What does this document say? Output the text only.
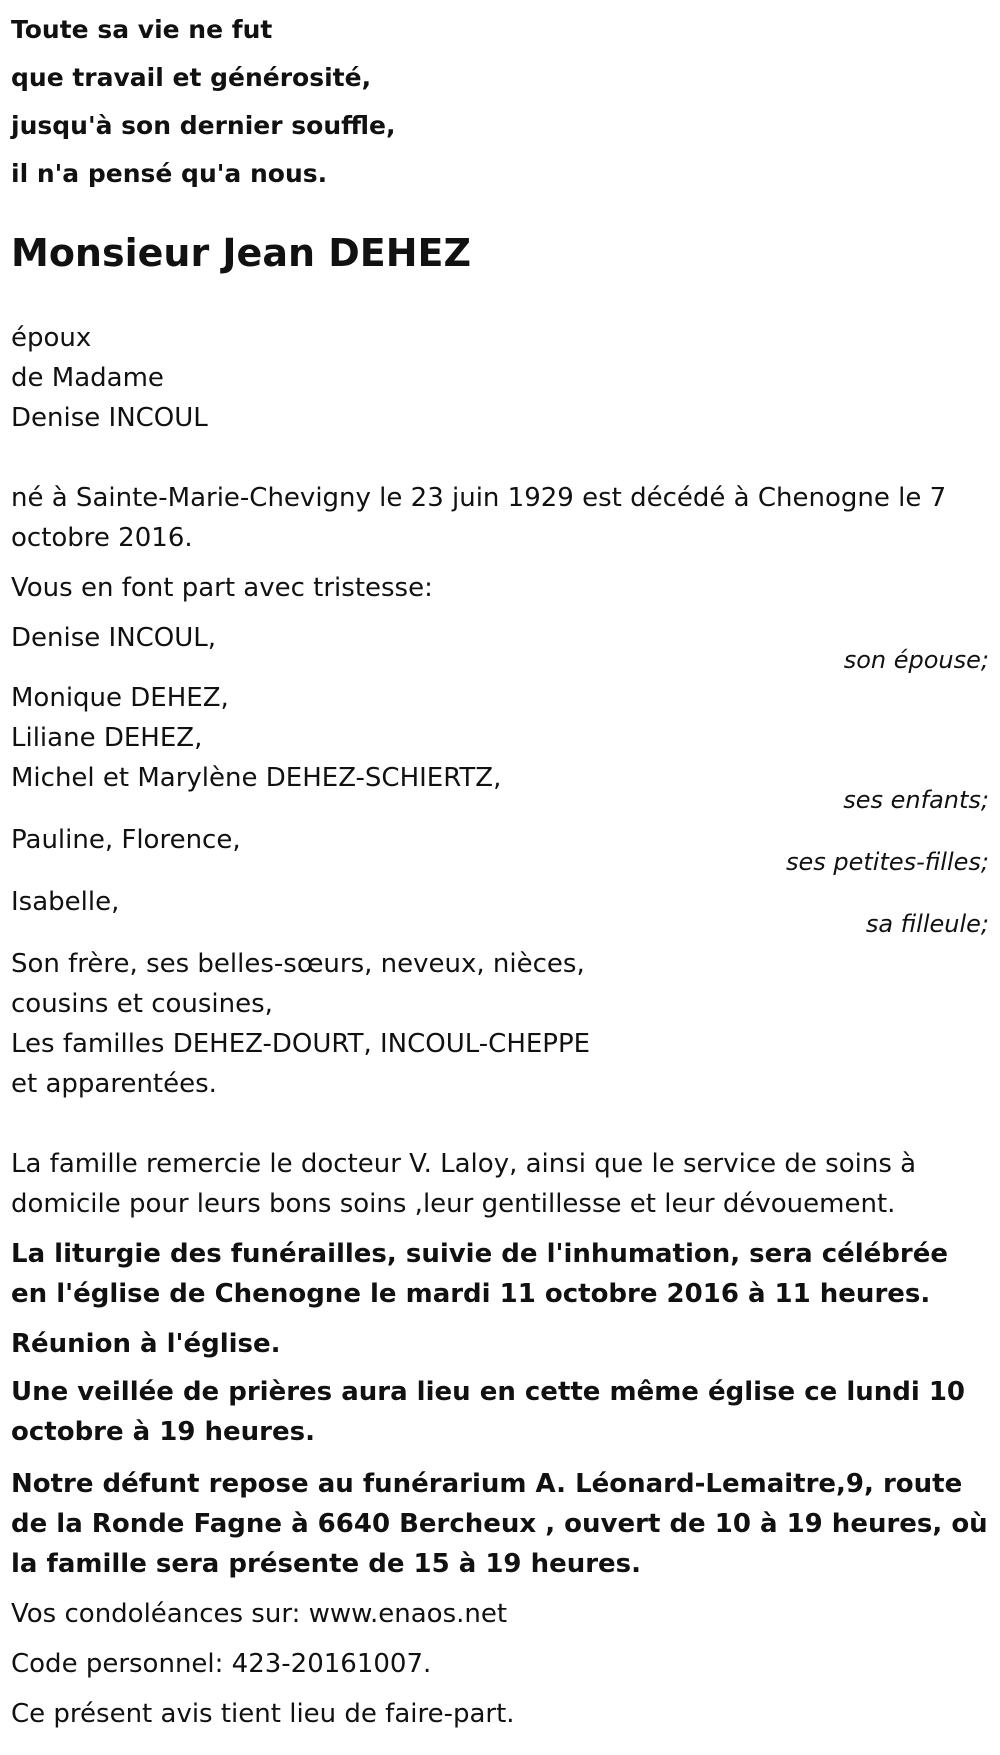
Toute sa vie ne fut

que travail et générosité,

jusqu'à son dernier souffle,

il n'a pensé qu'a nous.

Monsieur Jean DEHEZ
époux
de Madame
Denise INCOUL

né à Sainte-Marie-Chevigny le 23 juin 1929 est décédé à Chenogne le 7 octobre 2016.

Vous en font part avec tristesse:

Denise INCOUL,
son épouse;
Monique DEHEZ,
Liliane DEHEZ,
Michel et Marylène DEHEZ-SCHIERTZ,
ses enfants;
Pauline, Florence,
ses petites-filles;
Isabelle,
sa filleule;
Son frère, ses belles-sœurs, neveux, nièces,
cousins et cousines,
Les familles DEHEZ-DOURT, INCOUL-CHEPPE
et apparentées.

La famille remercie le docteur V. Laloy, ainsi que le service de soins à domicile pour leurs bons soins ,leur gentillesse et leur dévouement.

La liturgie des funérailles, suivie de l'inhumation, sera célébrée en l'église de Chenogne le mardi 11 octobre 2016 à 11 heures.

Réunion à l'église.

Une veillée de prières aura lieu en cette même église ce lundi 10 octobre à 19 heures.

Notre défunt repose au funérarium A. Léonard-Lemaitre,9, route de la Ronde Fagne à 6640 Bercheux , ouvert de 10 à 19 heures, où la famille sera présente de 15 à 19 heures.

Vos condoléances sur: www.enaos.net

Code personnel: 423-20161007.

Ce présent avis tient lieu de faire-part.
